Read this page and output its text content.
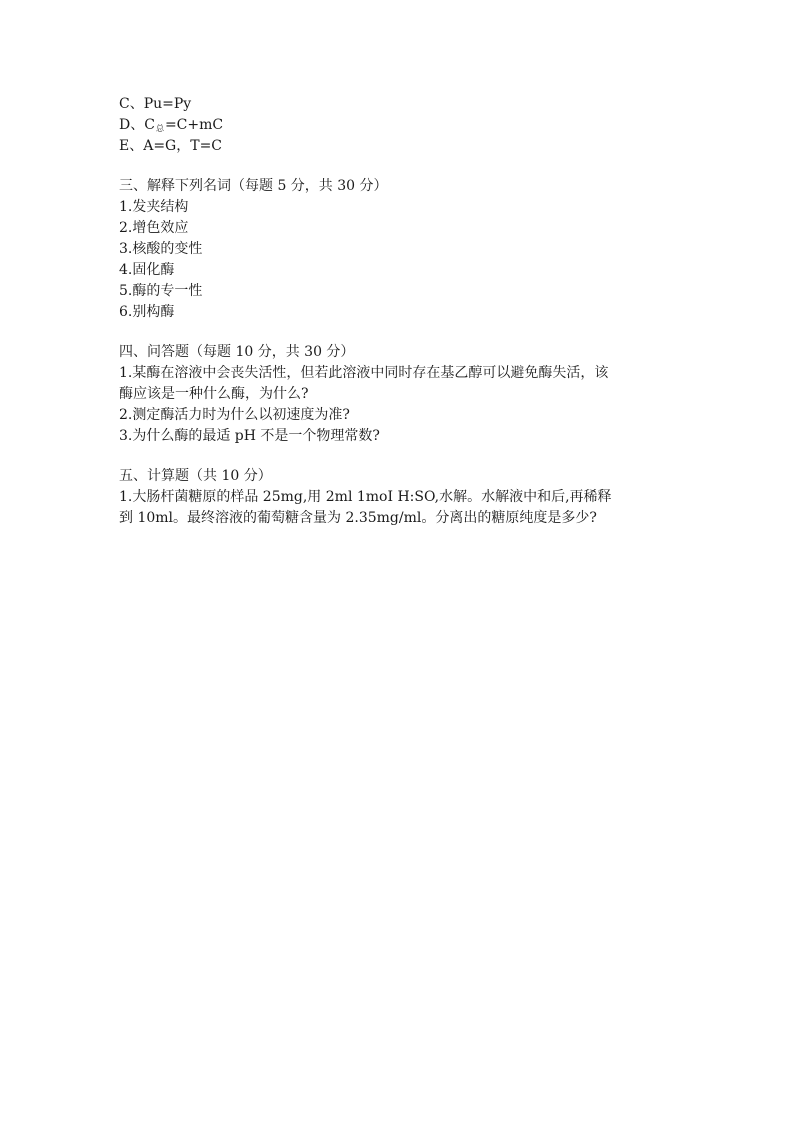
C、Pu=Py
D、$C_总=C+mC$
E、A=G，T=C
三、解释下列名词（每题 5 分，共 30 分）
1.发夹结构
2.增色效应
3.核酸的变性
4.固化酶
5.酶的专一性
6.别构酶
四、问答题（每题 10 分，共 30 分）
1.某酶在溶液中会丧失活性，但若此溶液中同时存在基乙醇可以避免酶失活，该
酶应该是一种什么酶，为什么?
2.测定酶活力时为什么以初速度为准?
3.为什么酶的最适 pH 不是一个物理常数?
五、计算题（共 10 分）
1.大肠杆菌糖原的样品 25mg,用 2ml 1moI H:SO,水解。水解液中和后,再稀释
到 10ml。最终溶液的葡萄糖含量为 2.35mg/ml。分离出的糖原纯度是多少?
